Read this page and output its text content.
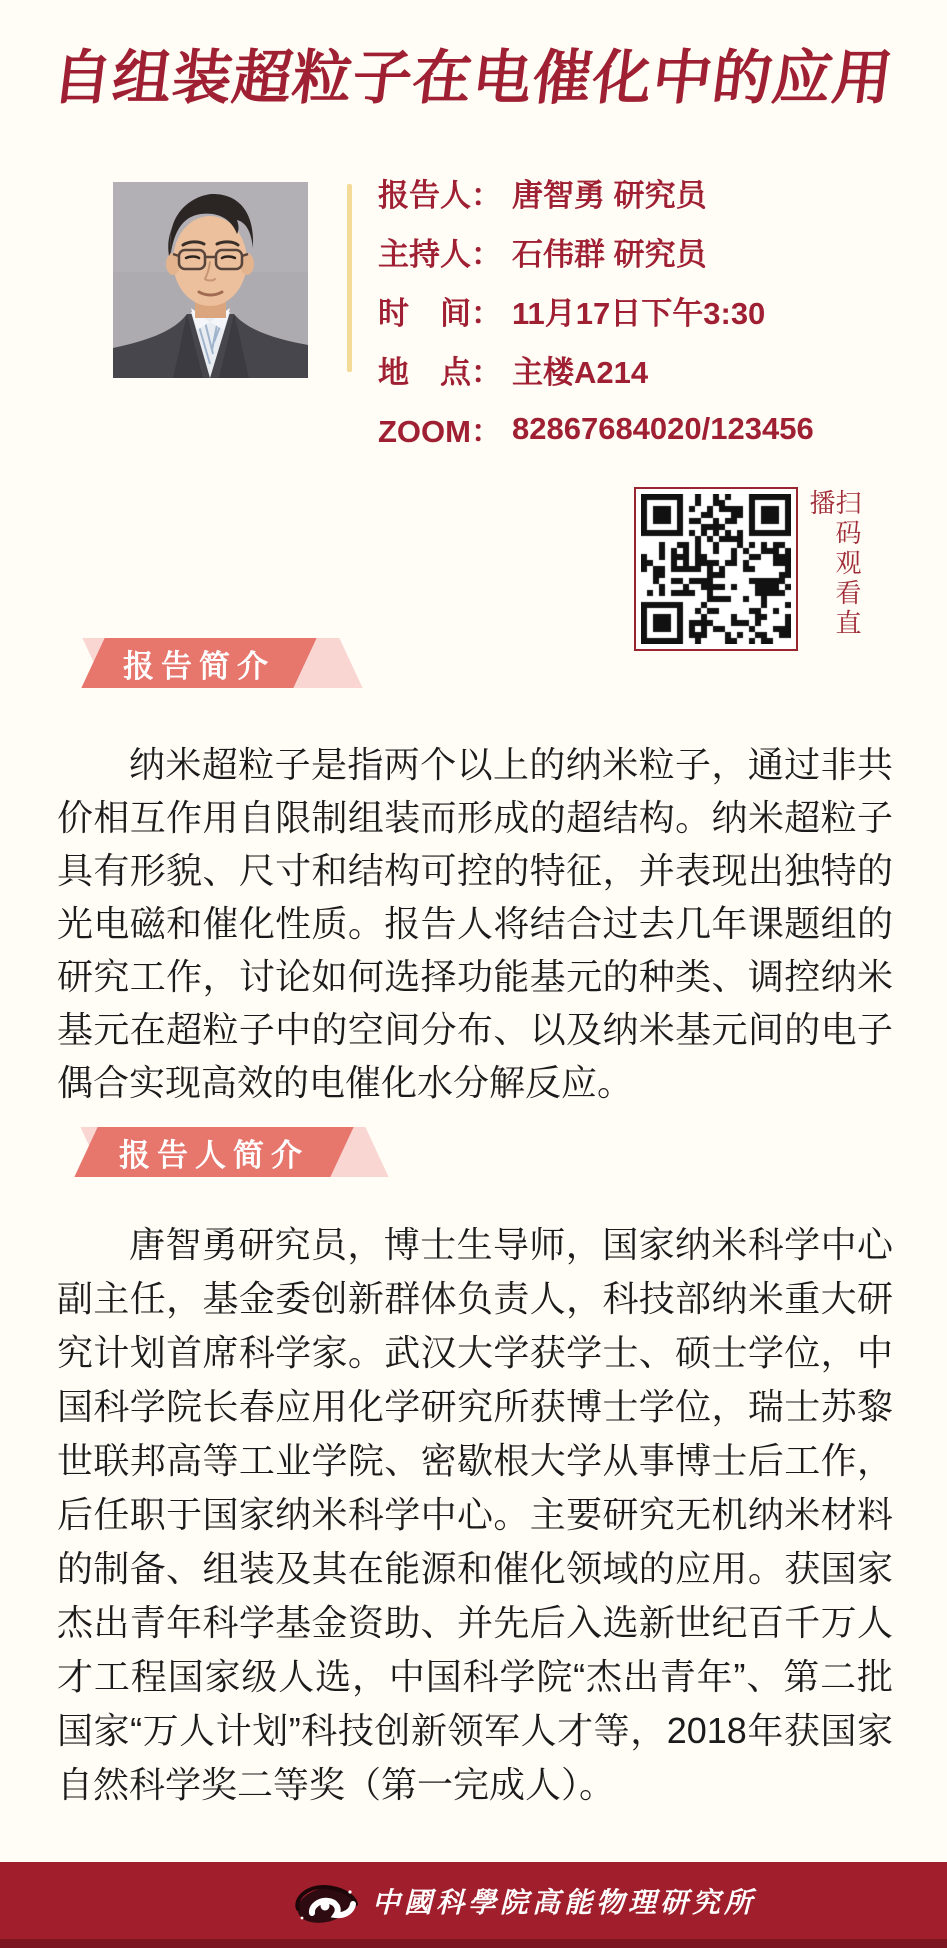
自组装超粒子在电催化中的应用
报告人： 唐智勇 研究员
主持人： 石伟群 研究员
时　间： 11月17日下午3:30
地　点： 主楼A214
ZOOM： 82867684020/123456
扫码观看直播
报告简介

纳米超粒子是指两个以上的纳米粒子，通过非共价相互作用自限制组装而形成的超结构。纳米超粒子具有形貌、尺寸和结构可控的特征，并表现出独特的光电磁和催化性质。报告人将结合过去几年课题组的研究工作，讨论如何选择功能基元的种类、调控纳米基元在超粒子中的空间分布、以及纳米基元间的电子偶合实现高效的电催化水分解反应。

报告人简介

唐智勇研究员，博士生导师，国家纳米科学中心副主任，基金委创新群体负责人，科技部纳米重大研究计划首席科学家。武汉大学获学士、硕士学位，中国科学院长春应用化学研究所获博士学位，瑞士苏黎世联邦高等工业学院、密歇根大学从事博士后工作，后任职于国家纳米科学中心。主要研究无机纳米材料的制备、组装及其在能源和催化领域的应用。获国家杰出青年科学基金资助、并先后入选新世纪百千万人才工程国家级人选，中国科学院“杰出青年”、第二批国家“万人计划”科技创新领军人才等，2018年获国家自然科学奖二等奖（第一完成人）。

中國科學院高能物理研究所
